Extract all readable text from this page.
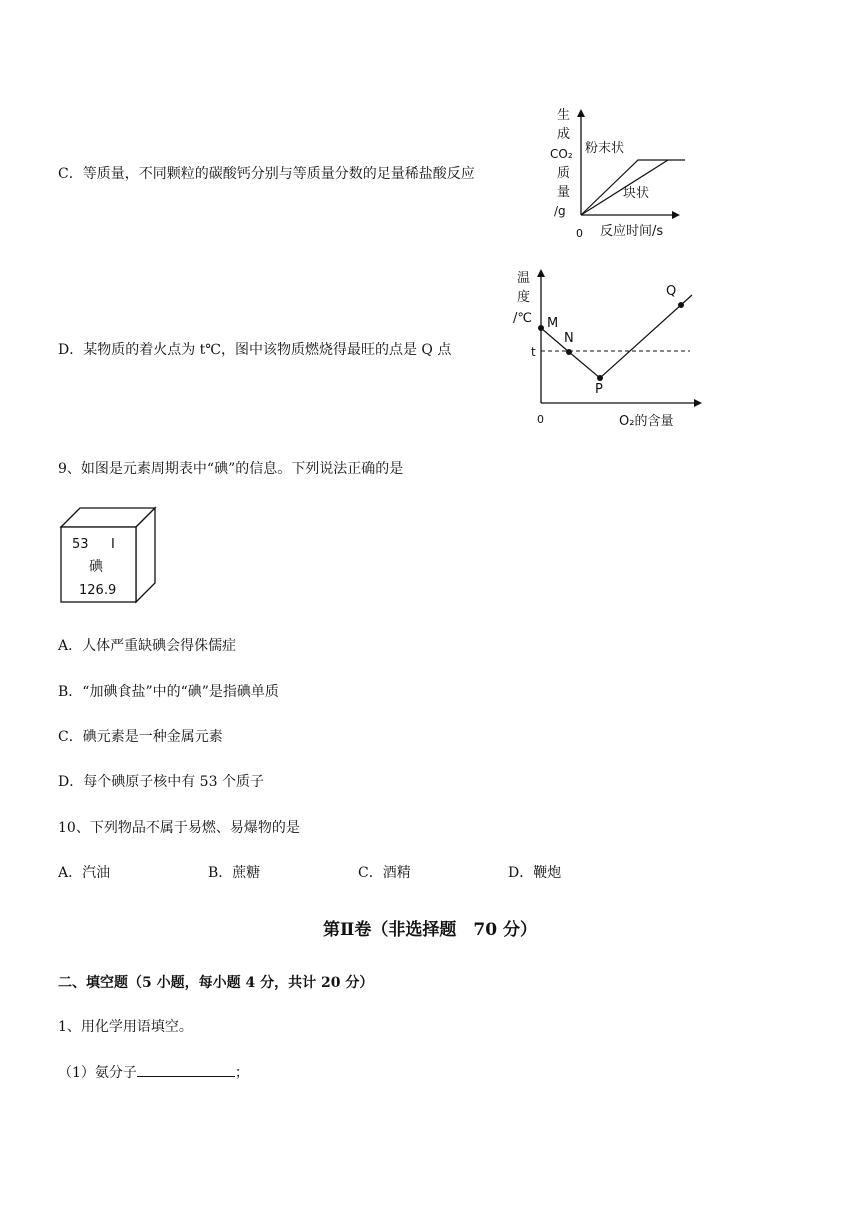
C．等质量，不同颗粒的碳酸钙分别与等质量分数的足量稀盐酸反应
生
成
CO₂
质
量
/g
0 反应时间/s
粉末状
块状
D．某物质的着火点为 t℃，图中该物质燃烧得最旺的点是 Q 点
温
度
/℃
0	O₂的含量
t
M
N
P
Q
9、如图是元素周期表中“碘”的信息。下列说法正确的是
53 I
碘
126.9
A．人体严重缺碘会得侏儒症
B．“加碘食盐”中的“碘”是指碘单质
C．碘元素是一种金属元素
D．每个碘原子核中有 53 个质子
10、下列物品不属于易燃、易爆物的是
A．汽油	B．蔗糖	C．酒精	D．鞭炮
第Ⅱ卷（非选择题　70 分）
二、填空题（5 小题，每小题 4 分，共计 20 分）
1、用化学用语填空。
（1）氨分子	；
